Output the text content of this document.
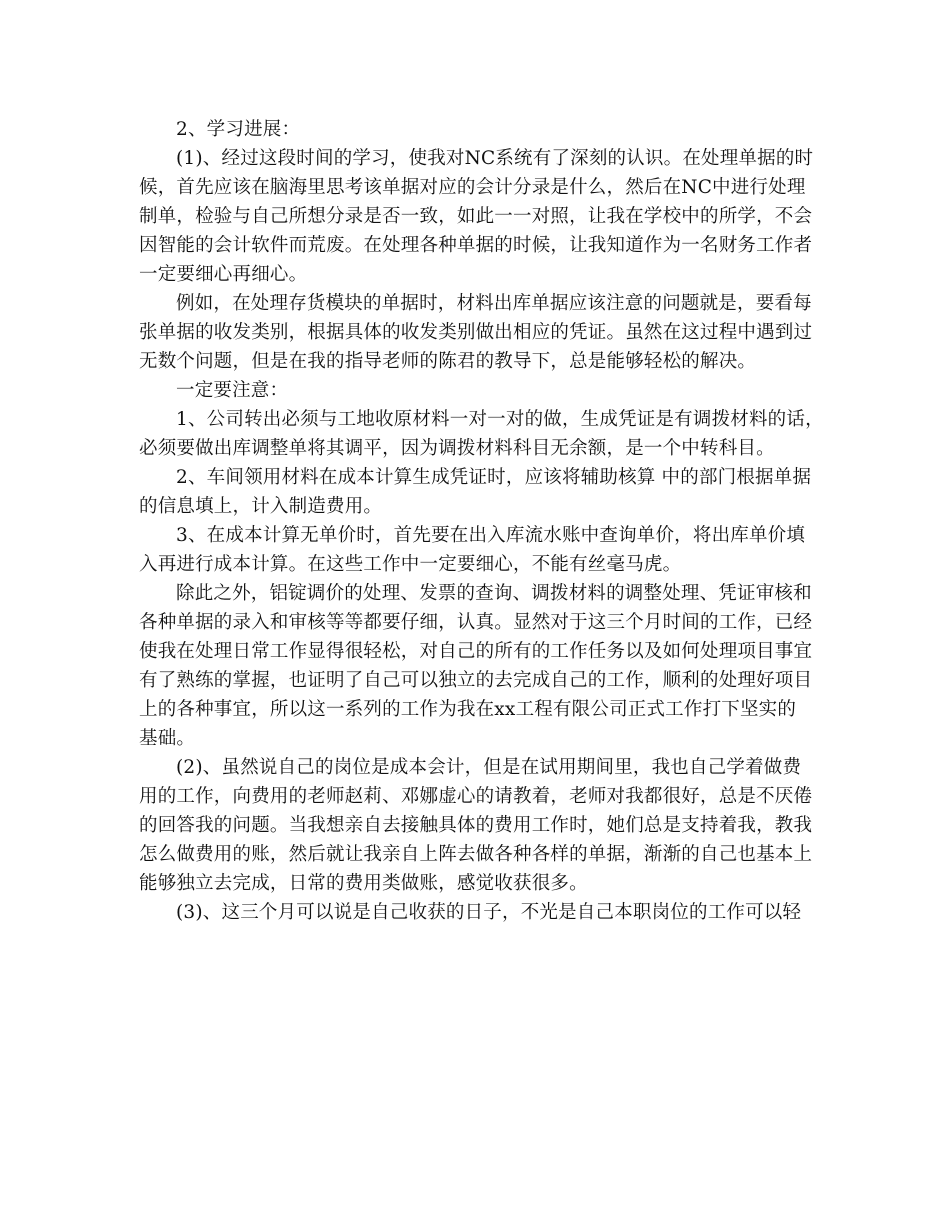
2、学习进展：
(1)、经过这段时间的学习，使我对NC系统有了深刻的认识。在处理单据的时
候，首先应该在脑海里思考该单据对应的会计分录是什么，然后在NC中进行处理
制单，检验与自己所想分录是否一致，如此一一对照，让我在学校中的所学，不会
因智能的会计软件而荒废。在处理各种单据的时候，让我知道作为一名财务工作者
一定要细心再细心。
例如，在处理存货模块的单据时，材料出库单据应该注意的问题就是，要看每
张单据的收发类别，根据具体的收发类别做出相应的凭证。虽然在这过程中遇到过
无数个问题，但是在我的指导老师的陈君的教导下，总是能够轻松的解决。
一定要注意：
1、公司转出必须与工地收原材料一对一对的做，生成凭证是有调拨材料的话，
必须要做出库调整单将其调平，因为调拨材料科目无余额，是一个中转科目。
2、车间领用材料在成本计算生成凭证时，应该将辅助核算 中的部门根据单据
的信息填上，计入制造费用。
3、在成本计算无单价时，首先要在出入库流水账中查询单价，将出库单价填
入再进行成本计算。在这些工作中一定要细心，不能有丝毫马虎。
除此之外，铝锭调价的处理、发票的查询、调拨材料的调整处理、凭证审核和
各种单据的录入和审核等等都要仔细，认真。显然对于这三个月时间的工作，已经
使我在处理日常工作显得很轻松，对自己的所有的工作任务以及如何处理项目事宜
有了熟练的掌握，也证明了自己可以独立的去完成自己的工作，顺利的处理好项目
上的各种事宜，所以这一系列的工作为我在xx工程有限公司正式工作打下坚实的
基础。
(2)、虽然说自己的岗位是成本会计，但是在试用期间里，我也自己学着做费
用的工作，向费用的老师赵莉、邓娜虚心的请教着，老师对我都很好，总是不厌倦
的回答我的问题。当我想亲自去接触具体的费用工作时，她们总是支持着我，教我
怎么做费用的账，然后就让我亲自上阵去做各种各样的单据，渐渐的自己也基本上
能够独立去完成，日常的费用类做账，感觉收获很多。
(3)、这三个月可以说是自己收获的日子，不光是自己本职岗位的工作可以轻
